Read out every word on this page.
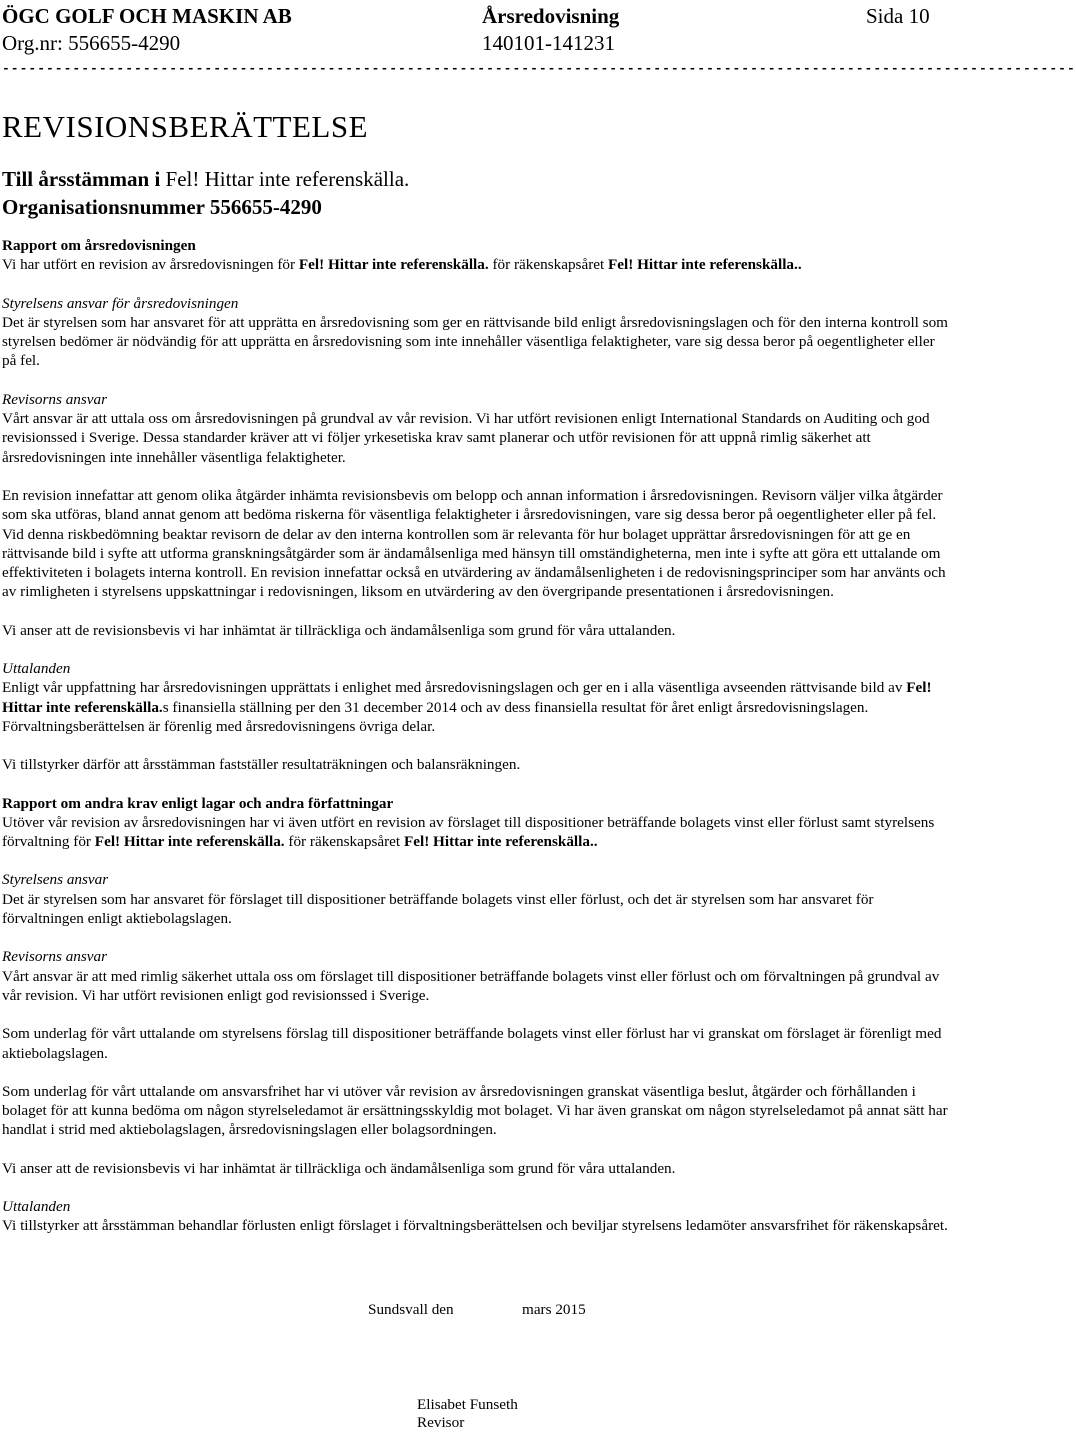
ÖGC GOLF OCH MASKIN AB	Årsredovisning	Sida 10
Org.nr: 556655-4290	140101-141231
--------------------------------------------------------------------------------------------------------------------------
REVISIONSBERÄTTELSE
Till årsstämman i Fel! Hittar inte referenskälla.
Organisationsnummer 556655-4290

Rapport om årsredovisningen

Vi har utfört en revision av årsredovisningen för Fel! Hittar inte referenskälla. för räkenskapsåret Fel! Hittar inte referenskälla..

Styrelsens ansvar för årsredovisningen

Det är styrelsen som har ansvaret för att upprätta en årsredovisning som ger en rättvisande bild enligt årsredovisningslagen och för den interna kontroll som styrelsen bedömer är nödvändig för att upprätta en årsredovisning som inte innehåller väsentliga felaktigheter, vare sig dessa beror på oegentligheter eller på fel.

Revisorns ansvar

Vårt ansvar är att uttala oss om årsredovisningen på grundval av vår revision. Vi har utfört revisionen enligt International Standards on Auditing och god revisionssed i Sverige. Dessa standarder kräver att vi följer yrkesetiska krav samt planerar och utför revisionen för att uppnå rimlig säkerhet att årsredovisningen inte innehåller väsentliga felaktigheter.

En revision innefattar att genom olika åtgärder inhämta revisionsbevis om belopp och annan information i årsredovisningen. Revisorn väljer vilka åtgärder som ska utföras, bland annat genom att bedöma riskerna för väsentliga felaktigheter i årsredovisningen, vare sig dessa beror på oegentligheter eller på fel. Vid denna riskbedömning beaktar revisorn de delar av den interna kontrollen som är relevanta för hur bolaget upprättar årsredovisningen för att ge en rättvisande bild i syfte att utforma granskningsåtgärder som är ändamålsenliga med hänsyn till omständigheterna, men inte i syfte att göra ett uttalande om effektiviteten i bolagets interna kontroll. En revision innefattar också en utvärdering av ändamålsenligheten i de redovisningsprinciper som har använts och av rimligheten i styrelsens uppskattningar i redovisningen, liksom en utvärdering av den övergripande presentationen i årsredovisningen.

Vi anser att de revisionsbevis vi har inhämtat är tillräckliga och ändamålsenliga som grund för våra uttalanden.

Uttalanden

Enligt vår uppfattning har årsredovisningen upprättats i enlighet med årsredovisningslagen och ger en i alla väsentliga avseenden rättvisande bild av Fel! Hittar inte referenskälla.s finansiella ställning per den 31 december 2014 och av dess finansiella resultat för året enligt årsredovisningslagen. Förvaltningsberättelsen är förenlig med årsredovisningens övriga delar.

Vi tillstyrker därför att årsstämman fastställer resultaträkningen och balansräkningen.

Rapport om andra krav enligt lagar och andra författningar

Utöver vår revision av årsredovisningen har vi även utfört en revision av förslaget till dispositioner beträffande bolagets vinst eller förlust samt styrelsens förvaltning för Fel! Hittar inte referenskälla. för räkenskapsåret Fel! Hittar inte referenskälla..

Styrelsens ansvar

Det är styrelsen som har ansvaret för förslaget till dispositioner beträffande bolagets vinst eller förlust, och det är styrelsen som har ansvaret för förvaltningen enligt aktiebolagslagen.

Revisorns ansvar

Vårt ansvar är att med rimlig säkerhet uttala oss om förslaget till dispositioner beträffande bolagets vinst eller förlust och om förvaltningen på grundval av vår revision. Vi har utfört revisionen enligt god revisionssed i Sverige.

Som underlag för vårt uttalande om styrelsens förslag till dispositioner beträffande bolagets vinst eller förlust har vi granskat om förslaget är förenligt med aktiebolagslagen.

Som underlag för vårt uttalande om ansvarsfrihet har vi utöver vår revision av årsredovisningen granskat väsentliga beslut, åtgärder och förhållanden i bolaget för att kunna bedöma om någon styrelseledamot är ersättningsskyldig mot bolaget. Vi har även granskat om någon styrelseledamot på annat sätt har handlat i strid med aktiebolagslagen, årsredovisningslagen eller bolagsordningen.

Vi anser att de revisionsbevis vi har inhämtat är tillräckliga och ändamålsenliga som grund för våra uttalanden.

Uttalanden

Vi tillstyrker att årsstämman behandlar förlusten enligt förslaget i förvaltningsberättelsen och beviljar styrelsens ledamöter ansvarsfrihet för räkenskapsåret.

Sundsvall den	mars 2015
Elisabet Funseth
Revisor
